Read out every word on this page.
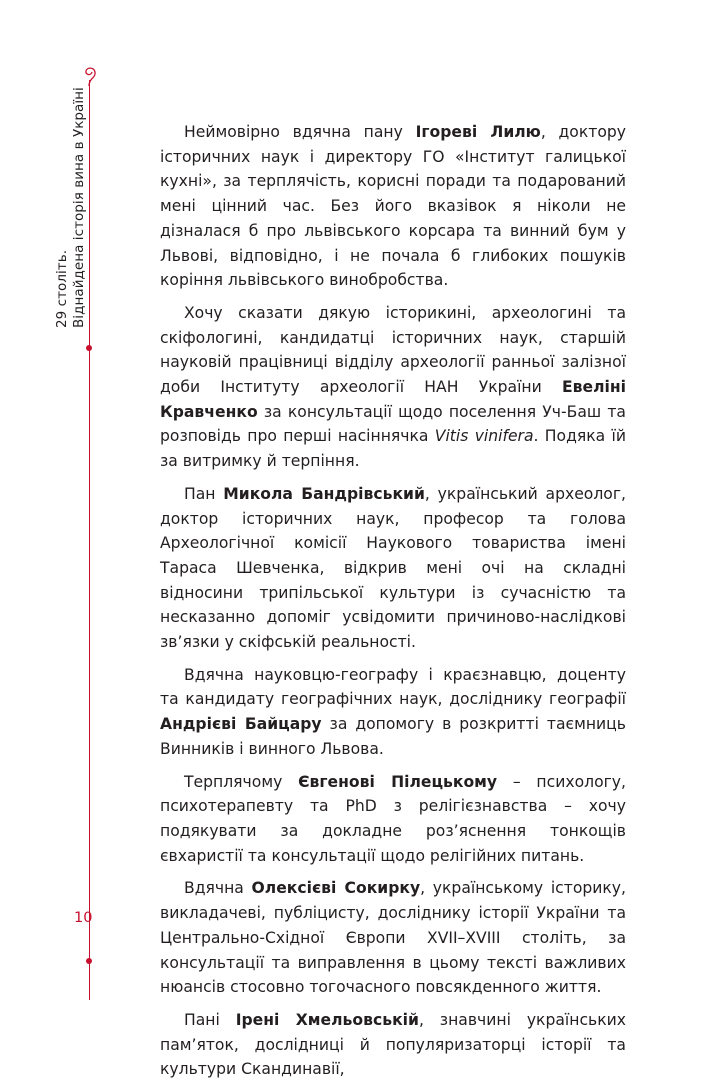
29 століть. Віднайдена історія вина в Україні
10

Неймовірно вдячна пану Ігореві Лилю, доктору історичних наук і директору ГО «Інститут галицької кухні», за терплячість, корисні поради та подарований мені цінний час. Без його вказівок я ніколи не дізналася б про львівського корсара та винний бум у Львові, відповідно, і не почала б глибоких пошуків коріння львівського винобробства.

Хочу сказати дякую історикині, археологині та скіфологині, кандидатці історичних наук, старшій науковій працівниці відділу археології ранньої залізної доби Інституту археології НАН України Евеліні Кравченко за консультації щодо поселення Уч-Баш та розповідь про перші насіннячка Vitis vinifera. Подяка їй за витримку й терпіння.

Пан Микола Бандрівський, український археолог, доктор історичних наук, професор та голова Археологічної комісії Наукового товариства імені Тараса Шевченка, відкрив мені очі на складні відносини трипільської культури із сучасністю та несказанно допоміг усвідомити причиново-наслідкові зв’язки у скіфській реальності.

Вдячна науковцю-географу і краєзнавцю, доценту та кандидату географічних наук, досліднику географії Андрієві Байцару за допомогу в розкритті таємниць Винників і винного Львова.

Терплячому Євгенові Пілецькому – психологу, психотерапевту та PhD з релігієзнавства – хочу подякувати за докладне роз’яснення тонкощів євхаристії та консультації щодо релігійних питань.

Вдячна Олексієві Сокирку, українському історику, викладачеві, публіцисту, досліднику історії України та Центрально-Східної Європи XVII–XVIII століть, за консультації та виправлення в цьому тексті важливих нюансів стосовно тогочасного повсякденного життя.

Пані Ірені Хмельовській, знавчині українських пам’яток, дослідниці й популяризаторці історії та культури Скандинавії,
